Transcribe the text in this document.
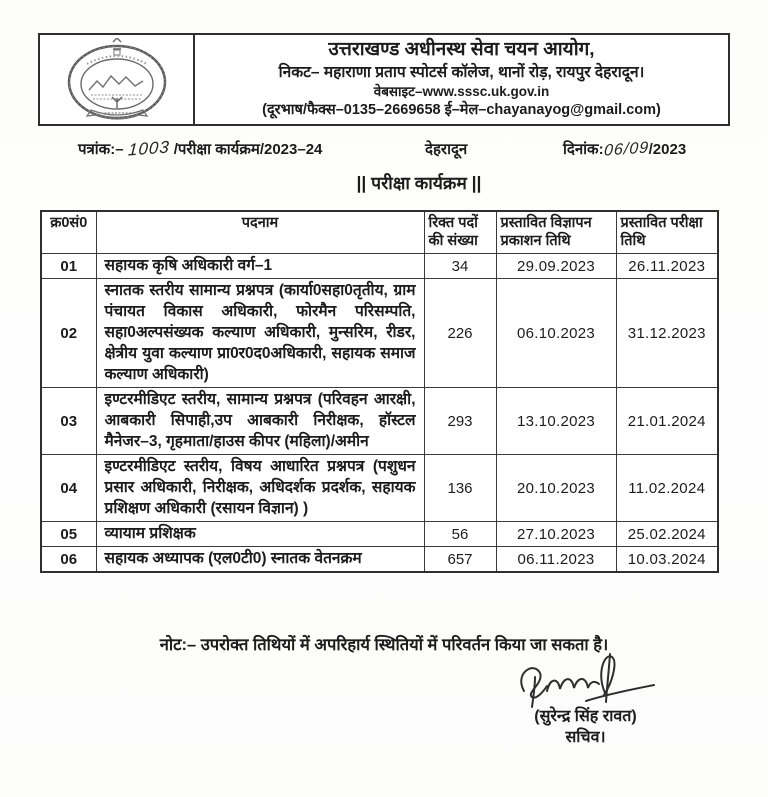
उत्तराखण्ड अधीनस्थ सेवा चयन आयोग,
निकट– महाराणा प्रताप स्पोटर्स कॉलेज, थानों रोड़, रायपुर देहरादून।
वेबसाइट–www.sssc.uk.gov.in
(दूरभाष/फैक्स–0135–2669658 ई–मेल–chayanayog@gmail.com)
पत्रांक:– 1003 /परीक्षा कार्यक्रम/2023–24	देहरादून	दिनांक:06/09/2023
|| परीक्षा कार्यक्रम ||
क्र0सं0	पदनाम	रिक्त पदों की संख्या	प्रस्तावित विज्ञापन प्रकाशन तिथि	प्रस्तावित परीक्षा तिथि
01	सहायक कृषि अधिकारी वर्ग–1	34	29.09.2023	26.11.2023
02	स्नातक स्तरीय सामान्य प्रश्नपत्र (कार्या0सहा0तृतीय, ग्राम पंचायत विकास अधिकारी, फोरमैन परिसम्पति, सहा0अल्पसंख्यक कल्याण अधिकारी, मुन्सरिम, रीडर, क्षेत्रीय युवा कल्याण प्रा0र0द0अधिकारी, सहायक समाज कल्याण अधिकारी)	226	06.10.2023	31.12.2023
03	इण्टरमीडिएट स्तरीय, सामान्य प्रश्नपत्र (परिवहन आरक्षी, आबकारी सिपाही,उप आबकारी निरीक्षक, हॉस्टल मैनेजर–3, गृहमाता/हाउस कीपर (महिला)/अमीन	293	13.10.2023	21.01.2024
04	इण्टरमीडिएट स्तरीय, विषय आधारित प्रश्नपत्र (पशुधन प्रसार अधिकारी, निरीक्षक, अधिदर्शक प्रदर्शक, सहायक प्रशिक्षण अधिकारी (रसायन विज्ञान) )	136	20.10.2023	11.02.2024
05	व्यायाम प्रशिक्षक	56	27.10.2023	25.02.2024
06	सहायक अध्यापक (एल0टी0) स्नातक वेतनक्रम	657	06.11.2023	10.03.2024
नोट:– उपरोक्त तिथियों में अपरिहार्य स्थितियों में परिवर्तन किया जा सकता है।
(सुरेन्द्र सिंह रावत)
सचिव।
